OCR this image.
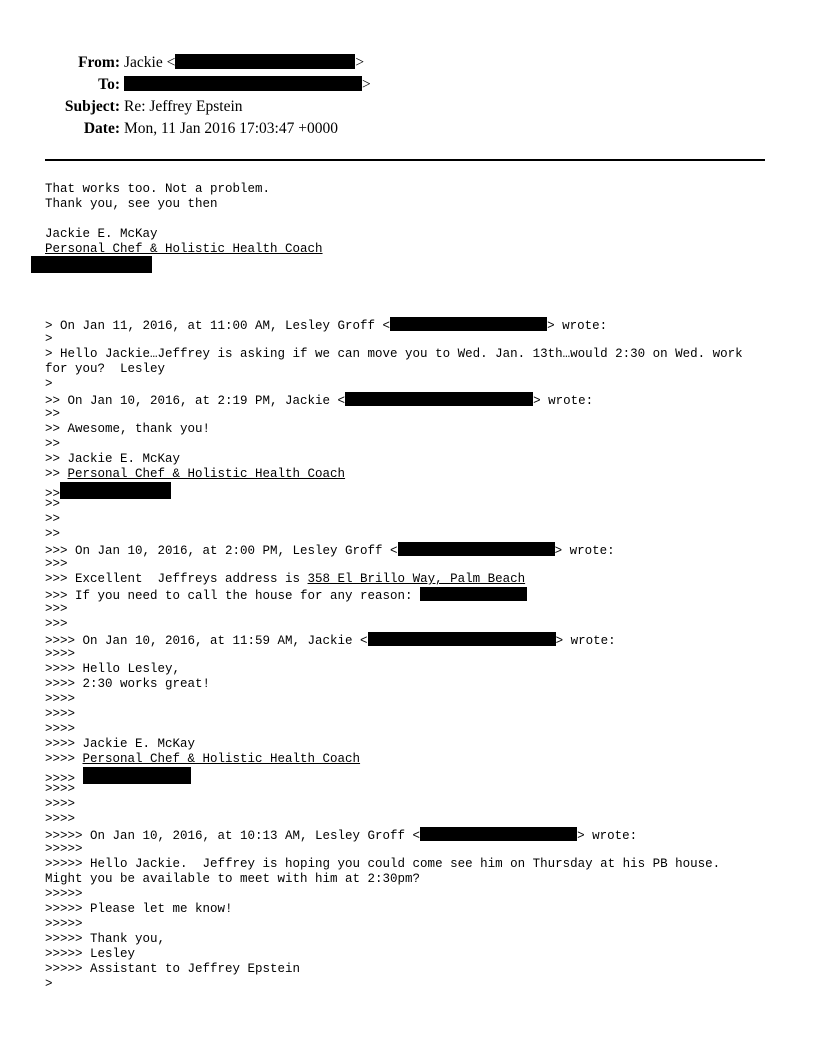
From: Jackie <	>
To:	>
Subject: Re: Jeffrey Epstein
Date: Mon, 11 Jan 2016 17:03:47 +0000
That works too. Not a problem.
Thank you, see you then
Jackie E. McKay
Personal Chef & Holistic Health Coach
> On Jan 11, 2016, at 11:00 AM, Lesley Groff <	> wrote:
>
> Hello Jackie…Jeffrey is asking if we can move you to Wed. Jan. 13th…would 2:30 on Wed. work
for you?  Lesley
>
>> On Jan 10, 2016, at 2:19 PM, Jackie <	> wrote:
>>
>> Awesome, thank you!
>>
>> Jackie E. McKay
>> Personal Chef & Holistic Health Coach
>>
>>
>>
>>
>>> On Jan 10, 2016, at 2:00 PM, Lesley Groff <	> wrote:
>>>
>>> Excellent  Jeffreys address is 358 El Brillo Way, Palm Beach
>>> If you need to call the house for any reason:
>>>
>>>
>>>> On Jan 10, 2016, at 11:59 AM, Jackie <	> wrote:
>>>>
>>>> Hello Lesley,
>>>> 2:30 works great!
>>>>
>>>>
>>>>
>>>> Jackie E. McKay
>>>> Personal Chef & Holistic Health Coach
>>>>
>>>>
>>>>
>>>>
>>>>> On Jan 10, 2016, at 10:13 AM, Lesley Groff <	> wrote:
>>>>>
>>>>> Hello Jackie.  Jeffrey is hoping you could come see him on Thursday at his PB house.
Might you be available to meet with him at 2:30pm?
>>>>>
>>>>> Please let me know!
>>>>>
>>>>> Thank you,
>>>>> Lesley
>>>>> Assistant to Jeffrey Epstein
>
